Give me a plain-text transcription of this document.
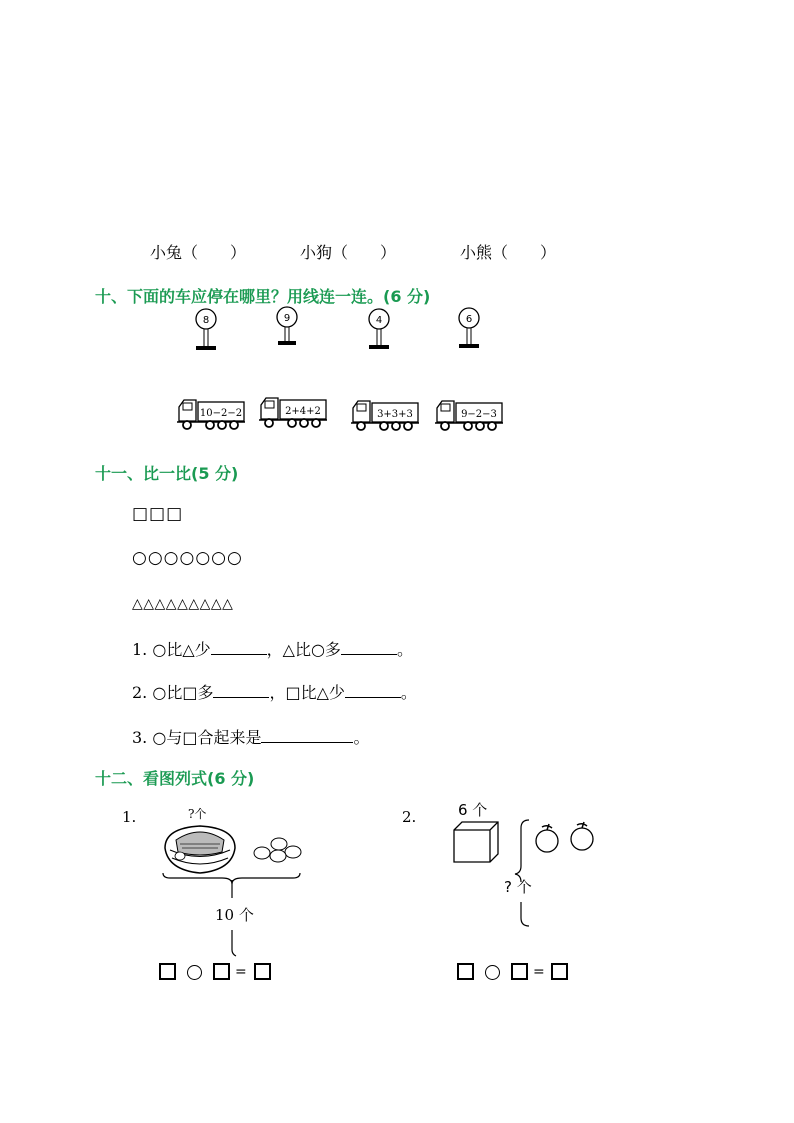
小兔（　　）	小狗（　　）	小熊（　　）
十、下面的车应停在哪里？用线连一连。(6 分)
8	9	4	6
10−2−2	2+4+2	3+3+3	9−2−3
十一、比一比(5 分)
□□□
○○○○○○○
△△△△△△△△△
1. ○比△少	，△比○多	。
2. ○比□多	，□比△少	。
3. ○与□合起来是	。
十二、看图列式(6 分)
1.	?个
10 个
=
2.	6 个
? 个
=
